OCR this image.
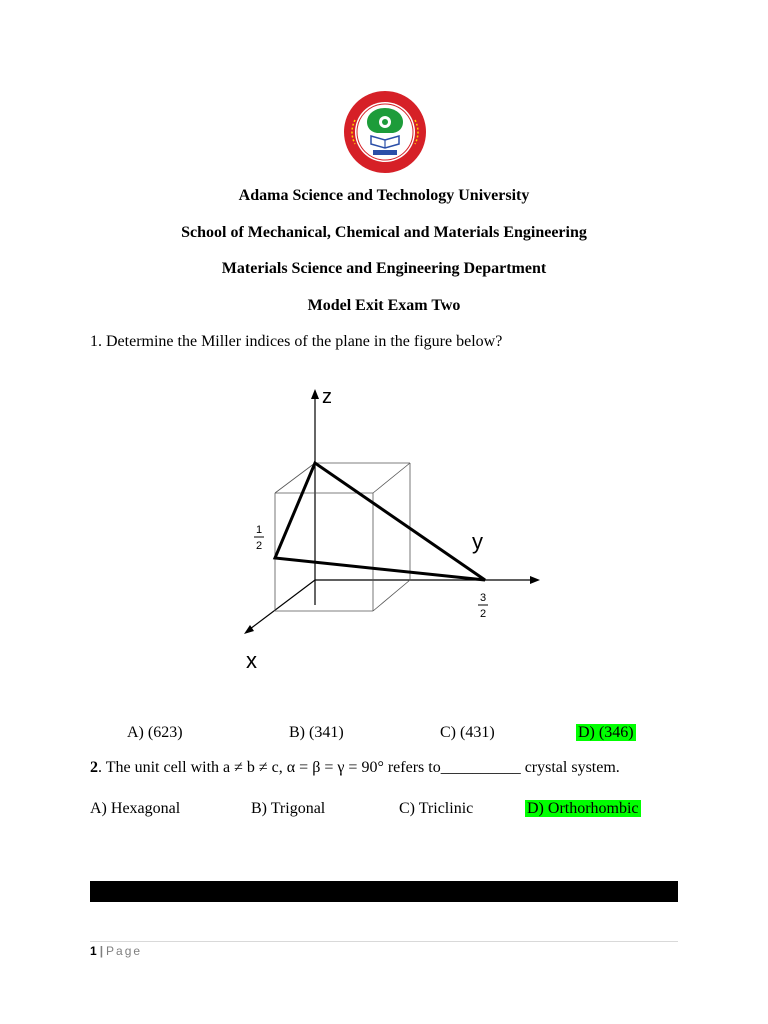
Adama Science and Technology University
School of Mechanical, Chemical and Materials Engineering
Materials Science and Engineering Department
Model Exit Exam Two
1. Determine the Miller indices of the plane in the figure below?
z
y
x
1
2
3
2
A) (623)	B) (341)	C) (431)	D) (346)
2. The unit cell with a ≠ b ≠ c, α = β = γ = 90° refers to__________ crystal system.
A) Hexagonal	B) Trigonal	C) Triclinic	D) Orthorhombic
1 | Page
